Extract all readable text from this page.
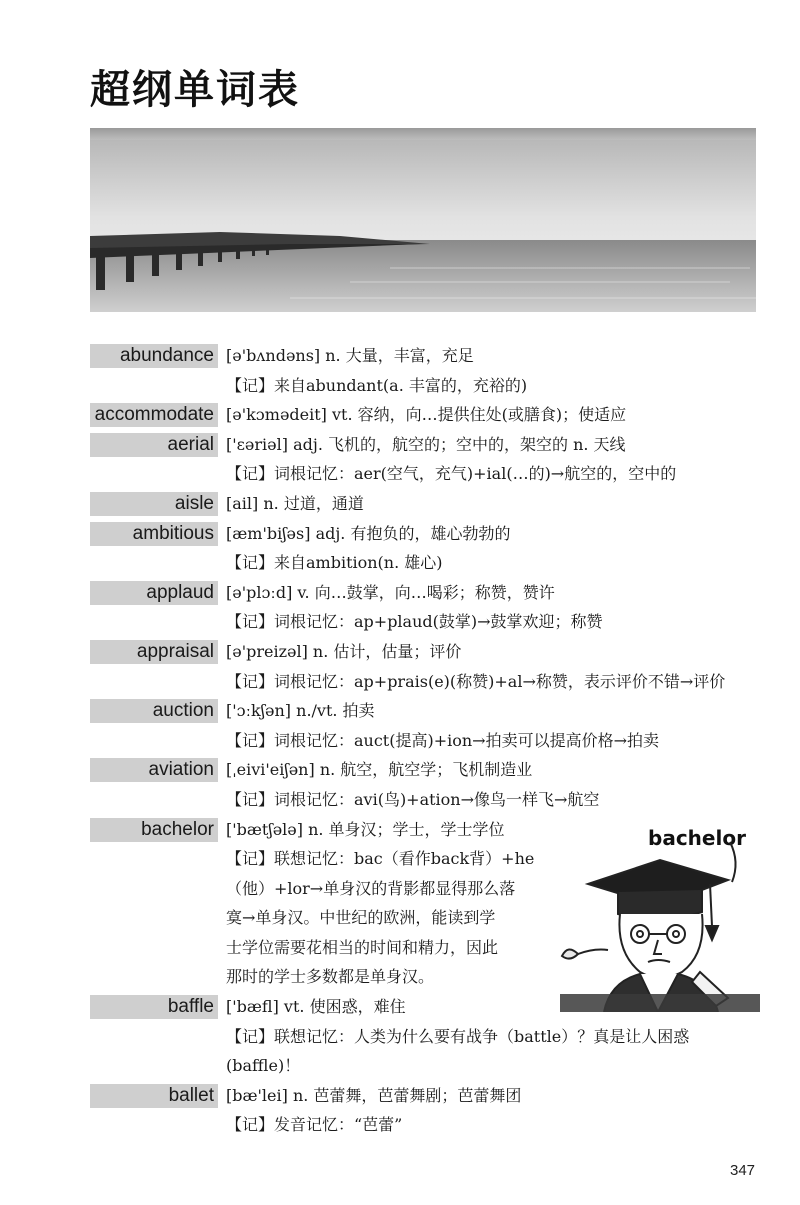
超纲单词表
abundance [ə'bʌndəns] n. 大量，丰富，充足
【记】来自abundant(a. 丰富的，充裕的)
accommodate [ə'kɔmədeit] vt. 容纳，向…提供住处(或膳食)；使适应
aerial ['ɛəriəl] adj. 飞机的，航空的；空中的，架空的 n. 天线
【记】词根记忆：aer(空气，充气)+ial(…的)→航空的，空中的
aisle [ail] n. 过道，通道
ambitious [æm'biʃəs] adj. 有抱负的，雄心勃勃的
【记】来自ambition(n. 雄心)
applaud [ə'plɔːd] v. 向…鼓掌，向…喝彩；称赞，赞许
【记】词根记忆：ap+plaud(鼓掌)→鼓掌欢迎；称赞
appraisal [ə'preizəl] n. 估计，估量；评价
【记】词根记忆：ap+prais(e)(称赞)+al→称赞，表示评价不错→评价
auction ['ɔːkʃən] n./vt. 拍卖
【记】词根记忆：auct(提高)+ion→拍卖可以提高价格→拍卖
aviation [ˌeivi'eiʃən] n. 航空，航空学；飞机制造业
【记】词根记忆：avi(鸟)+ation→像鸟一样飞→航空
bachelor ['bætʃələ] n. 单身汉；学士，学士学位
【记】联想记忆：bac（看作back背）+he
（他）+lor→单身汉的背影都显得那么落
寞→单身汉。中世纪的欧洲，能读到学
士学位需要花相当的时间和精力，因此
那时的学士多数都是单身汉。
baffle ['bæfl] vt. 使困惑，难住
【记】联想记忆：人类为什么要有战争（battle）？真是让人困惑
(baffle)！
ballet [bæ'lei] n. 芭蕾舞，芭蕾舞剧；芭蕾舞团
【记】发音记忆：“芭蕾”
bachelor
347
